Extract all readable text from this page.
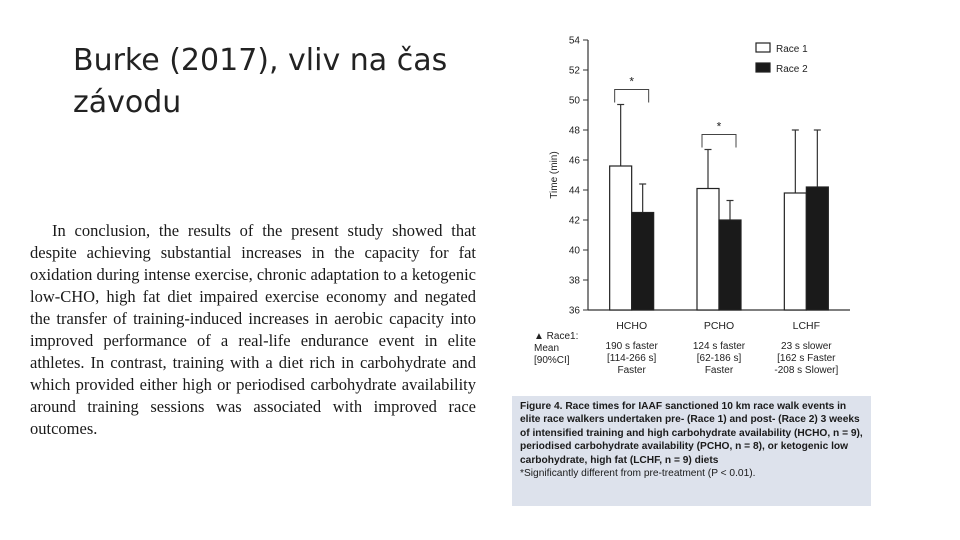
Burke (2017), vliv na čas závodu

In conclusion, the results of the present study showed that despite achieving substantial increases in the capacity for fat oxidation during intense exercise, chronic adaptation to a ketogenic low-CHO, high fat diet impaired exercise economy and negated the transfer of training-induced increases in aerobic capacity into improved performance of a real-life endurance event in elite athletes. In contrast, training with a diet rich in carbohydrate and which provided either high or periodised carbohydrate availability around training sessions was associated with improved race outcomes.

36
38
40
42
44
46
48
50
52
54
Time (min)
HCHO
190 s faster
[114-266 s]
Faster
PCHO
124 s faster
[62-186 s]
Faster
LCHF
23 s slower
[162 s Faster
-208 s Slower]
▲ Race1:
Mean
[90%CI]
*
*
Race 1
Race 2
Figure 4. Race times for IAAF sanctioned 10 km race walk events in elite race walkers undertaken pre- (Race 1) and post- (Race 2) 3 weeks of intensified training and high carbohydrate availability (HCHO, n = 9), periodised carbohydrate availability (PCHO, n = 8), or ketogenic low carbohydrate, high fat (LCHF, n = 9) diets
*Significantly different from pre-treatment (P < 0.01).
